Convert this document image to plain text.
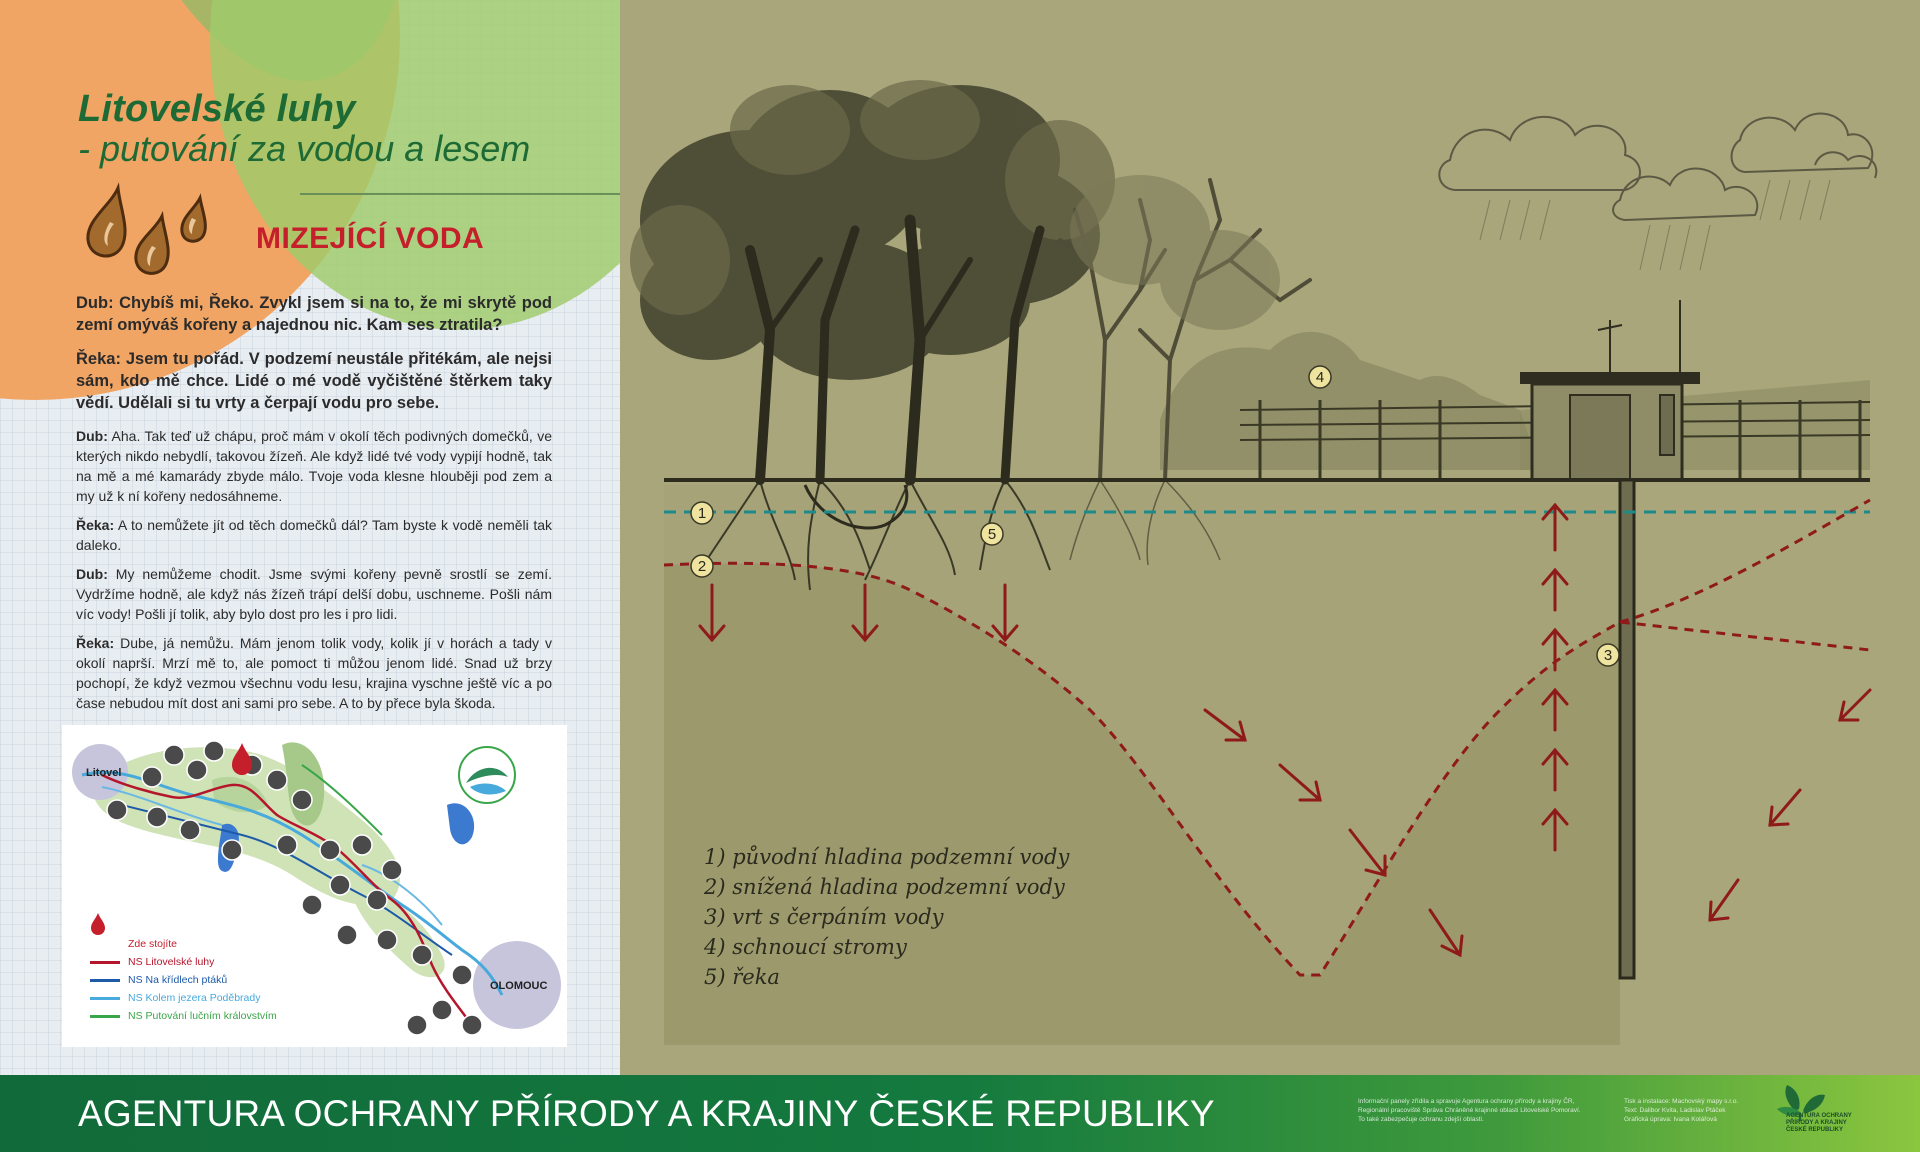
Litovelské luhy
- putování za vodou a lesem
MIZEJÍCÍ VODA

Dub: Chybíš mi, Řeko. Zvykl jsem si na to, že mi skrytě pod zemí omýváš kořeny a najednou nic. Kam ses ztratila?

Řeka: Jsem tu pořád. V podzemí neustále přitékám, ale nejsi sám, kdo mě chce. Lidé o mé vodě vyčištěné štěrkem taky vědí. Udělali si tu vrty a čerpají vodu pro sebe.

Dub: Aha. Tak teď už chápu, proč mám v okolí těch podivných domečků, ve kterých nikdo nebydlí, takovou žízeň. Ale když lidé tvé vody vypijí hodně, tak na mě a mé kamarády zbyde málo. Tvoje voda klesne hlouběji pod zem a my už k ní kořeny nedosáhneme.

Řeka: A to nemůžete jít od těch domečků dál? Tam byste k vodě neměli tak daleko.

Dub: My nemůžeme chodit. Jsme svými kořeny pevně srostlí se zemí. Vydržíme hodně, ale když nás žízeň trápí delší dobu, uschneme. Pošli nám víc vody! Pošli jí tolik, aby bylo dost pro les i pro lidi.

Řeka: Dube, já nemůžu. Mám jenom tolik vody, kolik jí v horách a tady v okolí naprší. Mrzí mě to, ale pomoct ti můžou jenom lidé. Snad už brzy pochopí, že když vezmou všechnu vodu lesu, krajina vyschne ještě víc a po čase nebudou mít dost ani sami pro sebe. A to by přece byla škoda.

Litovel
OLOMOUC
Zde stojíte
NS Litovelské luhy
NS Na křídlech ptáků
NS Kolem jezera Poděbrady
NS Putování lučním královstvím
1
2
3
4
5
1) původní hladina podzemní vody
2) snížená hladina podzemní vody
3) vrt s čerpáním vody
4) schnoucí stromy
5) řeka
AGENTURA OCHRANY PŘÍRODY A KRAJINY ČESKÉ REPUBLIKY	Informační panely zřídila a spravuje Agentura ochrany přírody a krajiny ČR,
Regionální pracoviště Správa Chráněné krajinné oblasti Litovelské Pomoraví.
To také zabezpečuje ochranu zdejší oblasti.
Tisk a instalace: Machovský mapy s.r.o.
Text: Dalibor Kvita, Ladislav Ptáček
Grafická úprava: Ivana Kolářová	AGENTURA OCHRANY
PŘÍRODY A KRAJINY
ČESKÉ REPUBLIKY
